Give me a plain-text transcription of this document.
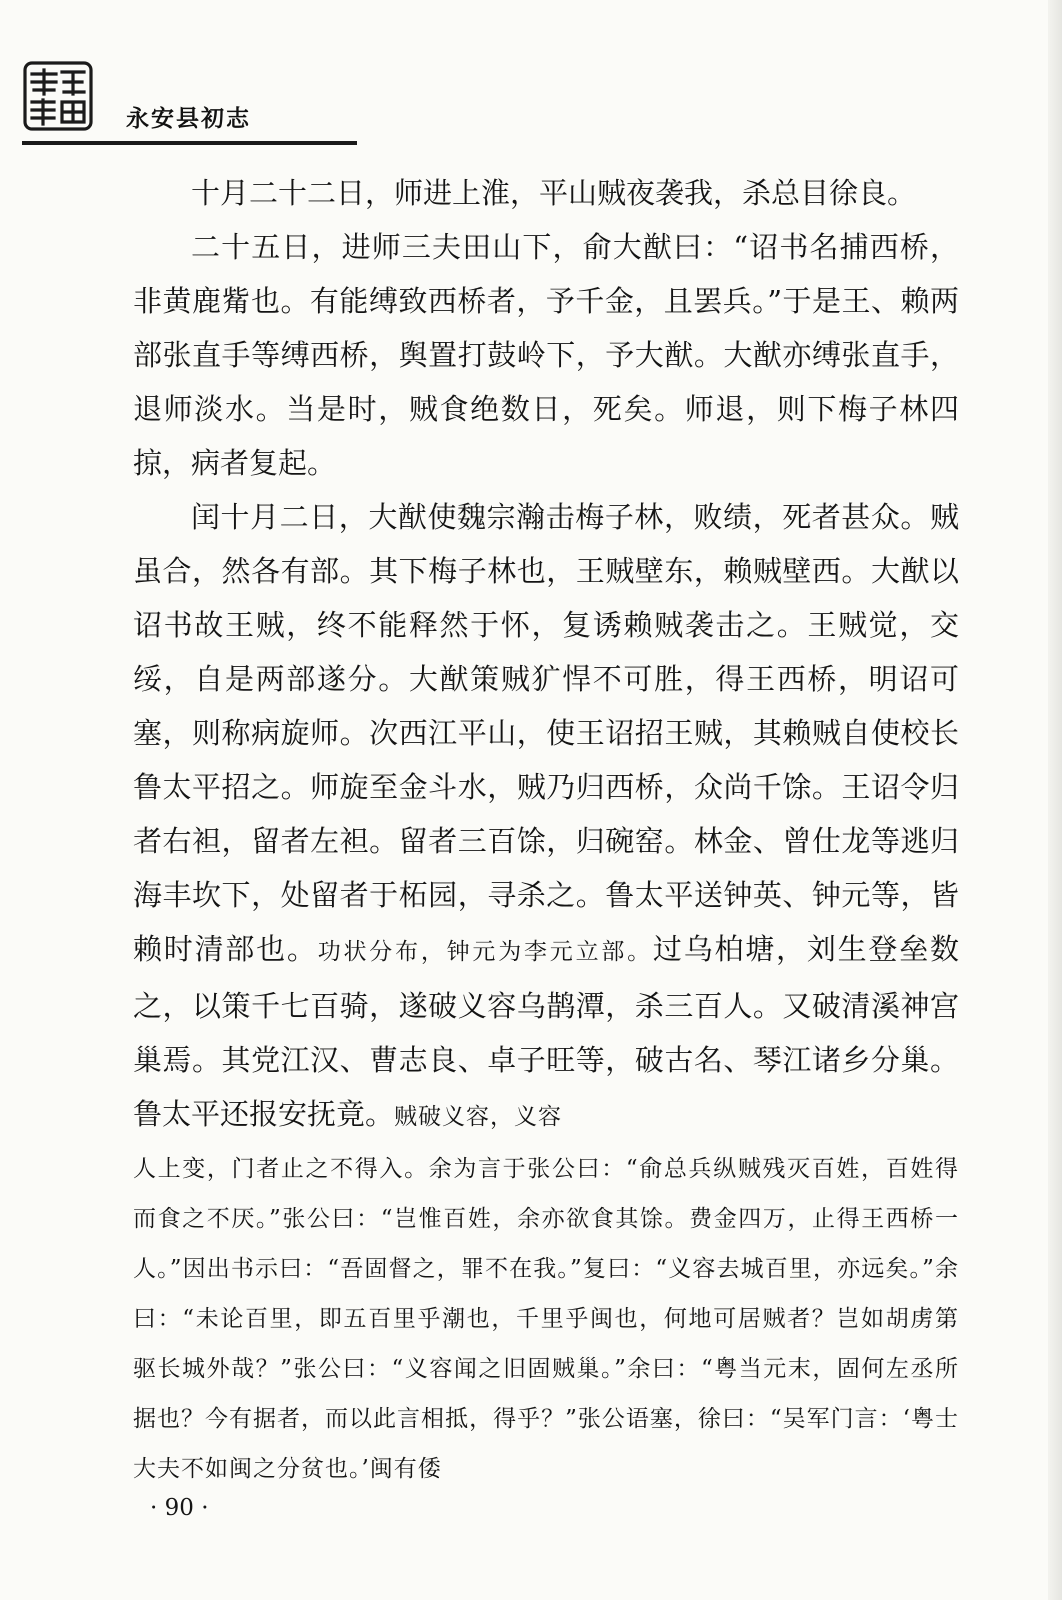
永安县初志

十月二十二日，师进上淮，平山贼夜袭我，杀总目徐良。

二十五日，进师三夫田山下，俞大猷曰：“诏书名捕西桥，非黄鹿觜也。有能缚致西桥者，予千金，且罢兵。”于是王、赖两部张直手等缚西桥，舆置打鼓岭下，予大猷。大猷亦缚张直手，退师淡水。当是时，贼食绝数日，死矣。师退，则下梅子林四掠，病者复起。

闰十月二日，大猷使魏宗瀚击梅子林，败绩，死者甚众。贼虽合，然各有部。其下梅子林也，王贼壁东，赖贼壁西。大猷以诏书故王贼，终不能释然于怀，复诱赖贼袭击之。王贼觉，交绥，自是两部遂分。大猷策贼犷悍不可胜，得王西桥，明诏可塞，则称病旋师。次西江平山，使王诏招王贼，其赖贼自使校长鲁太平招之。师旋至金斗水，贼乃归西桥，众尚千馀。王诏令归者右袒，留者左袒。留者三百馀，归碗窑。林金、曾仕龙等逃归海丰坎下，处留者于柘园，寻杀之。鲁太平送钟英、钟元等，皆赖时清部也。功状分布，钟元为李元立部。过乌柏塘，刘生登垒数之，以策千七百骑，遂破义容乌鹊潭，杀三百人。又破清溪神宫巢焉。其党江汉、曹志良、卓子旺等，破古名、琴江诸乡分巢。鲁太平还报安抚竟。贼破义容，义容

人上变，门者止之不得入。余为言于张公曰：“俞总兵纵贼残灭百姓，百姓得而食之不厌。”张公曰：“岂惟百姓，余亦欲食其馀。费金四万，止得王西桥一人。”因出书示曰：“吾固督之，罪不在我。”复曰：“义容去城百里，亦远矣。”余曰：“未论百里，即五百里乎潮也，千里乎闽也，何地可居贼者？岂如胡虏第驱长城外哉？”张公曰：“义容闻之旧固贼巢。”余曰：“粤当元末，固何左丞所据也？今有据者，而以此言相抵，得乎？”张公语塞，徐曰：“吴军门言：‘粤士大夫不如闽之分贫也。’闽有倭
· 90 ·
